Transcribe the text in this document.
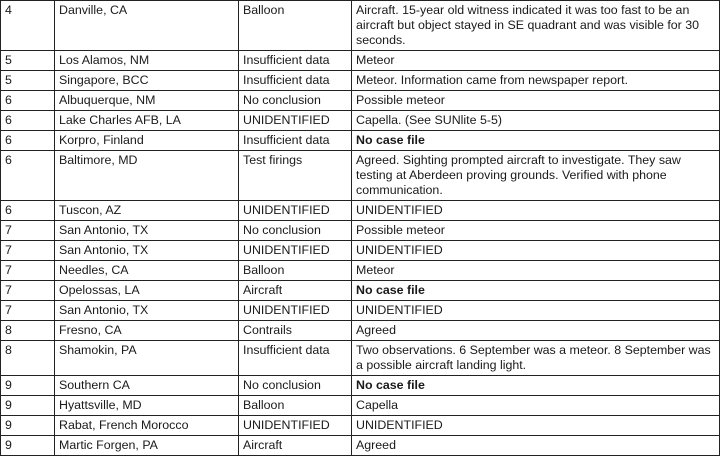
4	Danville, CA	Balloon	Aircraft. 15-year old witness indicated it was too fast to be an aircraft but object stayed in SE quadrant and was visible for 30 seconds.
5	Los Alamos, NM	Insufficient data	Meteor
5	Singapore, BCC	Insufficient data	Meteor. Information came from newspaper report.
6	Albuquerque, NM	No conclusion	Possible meteor
6	Lake Charles AFB, LA	UNIDENTIFIED	Capella. (See SUNlite 5-5)
6	Korpro, Finland	Insufficient data	No case file
6	Baltimore, MD	Test firings	Agreed. Sighting prompted aircraft to investigate. They saw testing at Aberdeen proving grounds. Verified with phone communication.
6	Tuscon, AZ	UNIDENTIFIED	UNIDENTIFIED
7	San Antonio, TX	No conclusion	Possible meteor
7	San Antonio, TX	UNIDENTIFIED	UNIDENTIFIED
7	Needles, CA	Balloon	Meteor
7	Opelossas, LA	Aircraft	No case file
7	San Antonio, TX	UNIDENTIFIED	UNIDENTIFIED
8	Fresno, CA	Contrails	Agreed
8	Shamokin, PA	Insufficient data	Two observations. 6 September was a meteor. 8 September was a possible aircraft landing light.
9	Southern CA	No conclusion	No case file
9	Hyattsville, MD	Balloon	Capella
9	Rabat, French Morocco	UNIDENTIFIED	UNIDENTIFIED
9	Martic Forgen, PA	Aircraft	Agreed
